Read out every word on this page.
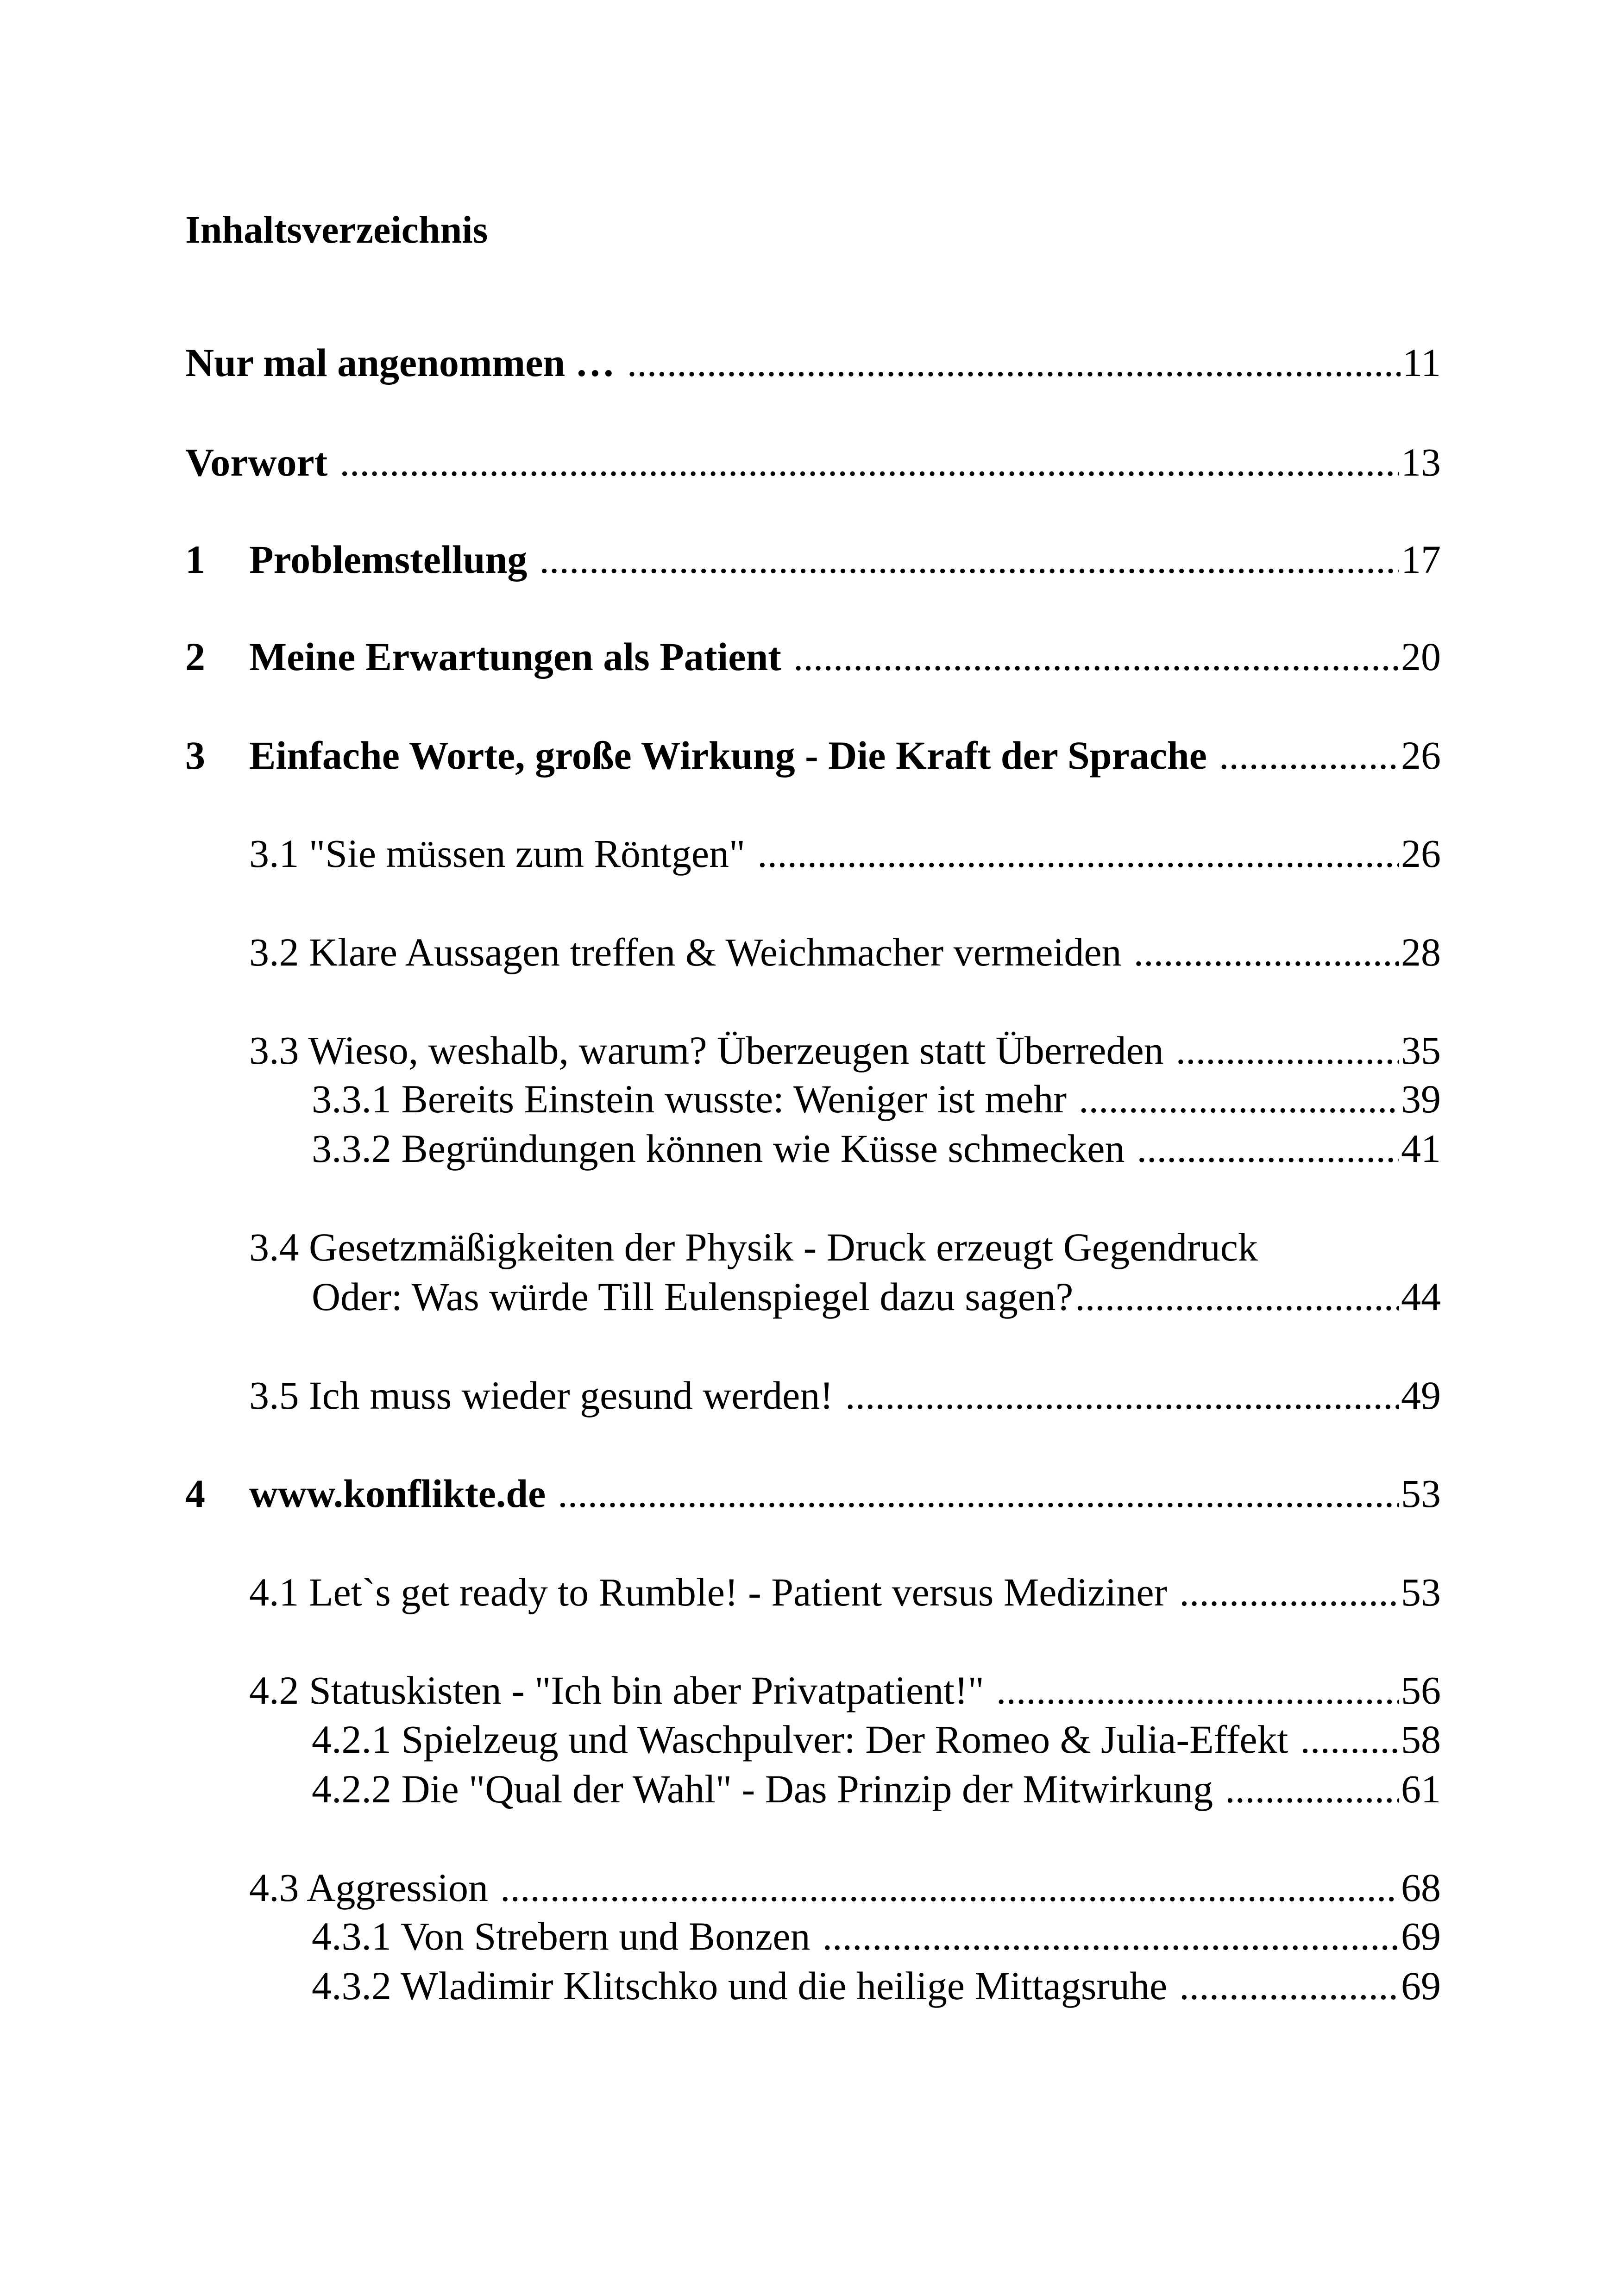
Inhaltsverzeichnis
Nur mal angenommen … .....	11
Vorwort .....	13
1	Problemstellung .....	17
2	Meine Erwartungen als Patient .....	20
3	Einfache Worte, große Wirkung - Die Kraft der Sprache .....	26
3.1 "Sie müssen zum Röntgen" .....	26
3.2 Klare Aussagen treffen & Weichmacher vermeiden .....	28
3.3 Wieso, weshalb, warum? Überzeugen statt Überreden .....	35
3.3.1 Bereits Einstein wusste: Weniger ist mehr .....	39
3.3.2 Begründungen können wie Küsse schmecken .....	41
3.4 Gesetzmäßigkeiten der Physik - Druck erzeugt Gegendruck
Oder: Was würde Till Eulenspiegel dazu sagen? .....	44
3.5 Ich muss wieder gesund werden! .....	49
4	www.konflikte.de .....	53
4.1 Let`s get ready to Rumble! - Patient versus Mediziner .....	53
4.2 Statuskisten - "Ich bin aber Privatpatient!" .....	56
4.2.1 Spielzeug und Waschpulver: Der Romeo & Julia-Effekt .....	58
4.2.2 Die "Qual der Wahl" - Das Prinzip der Mitwirkung .....	61
4.3 Aggression .....	68
4.3.1 Von Strebern und Bonzen .....	69
4.3.2 Wladimir Klitschko und die heilige Mittagsruhe .....	69
